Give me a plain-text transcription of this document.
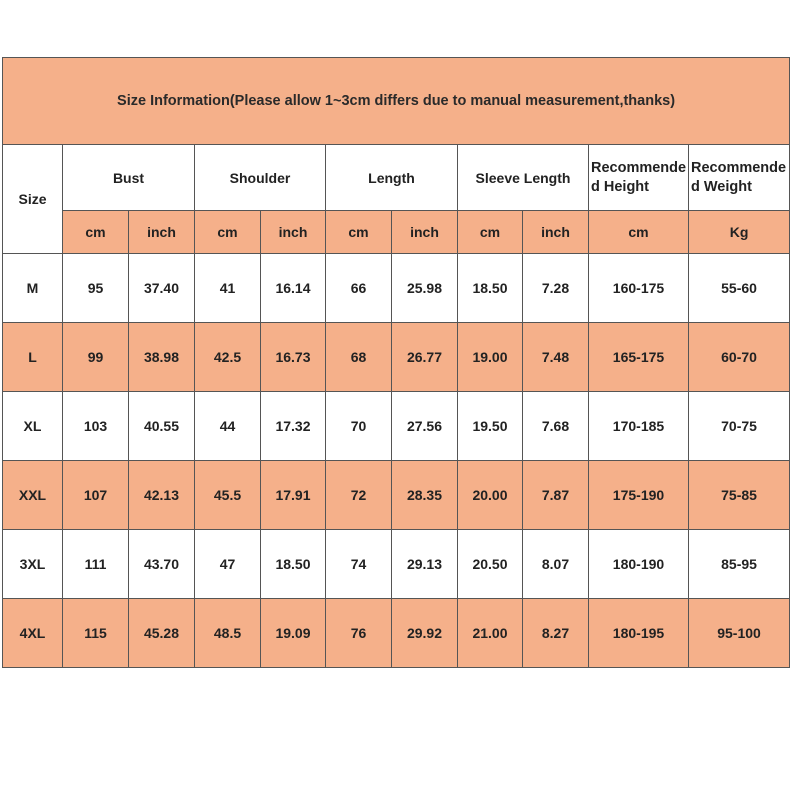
Size Information(Please allow 1~3cm differs due to manual measurement,thanks)										
Size	Bust		Shoulder		Length		Sleeve Length		Recommended Height	Recommended Weight
	cm	inch	cm	inch	cm	inch	cm	inch	cm	Kg
M	95	37.40	41	16.14	66	25.98	18.50	7.28	160-175	55-60
L	99	38.98	42.5	16.73	68	26.77	19.00	7.48	165-175	60-70
XL	103	40.55	44	17.32	70	27.56	19.50	7.68	170-185	70-75
XXL	107	42.13	45.5	17.91	72	28.35	20.00	7.87	175-190	75-85
3XL	111	43.70	47	18.50	74	29.13	20.50	8.07	180-190	85-95
4XL	115	45.28	48.5	19.09	76	29.92	21.00	8.27	180-195	95-100
